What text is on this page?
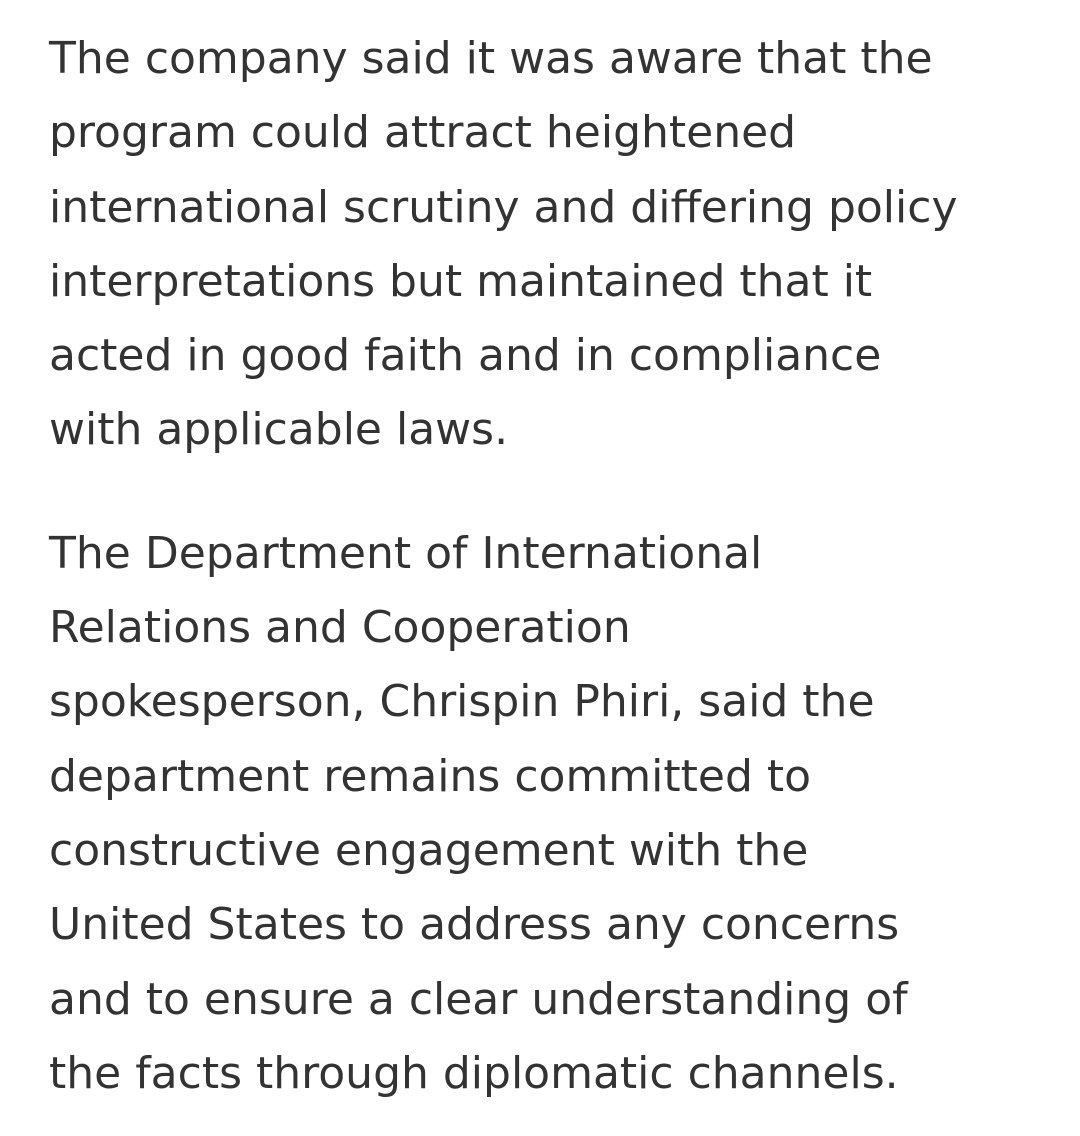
The company said it was aware that the
program could attract heightened
international scrutiny and differing policy
interpretations but maintained that it
acted in good faith and in compliance
with applicable laws.

The Department of International
Relations and Cooperation
spokesperson, Chrispin Phiri, said the
department remains committed to
constructive engagement with the
United States to address any concerns
and to ensure a clear understanding of
the facts through diplomatic channels.
